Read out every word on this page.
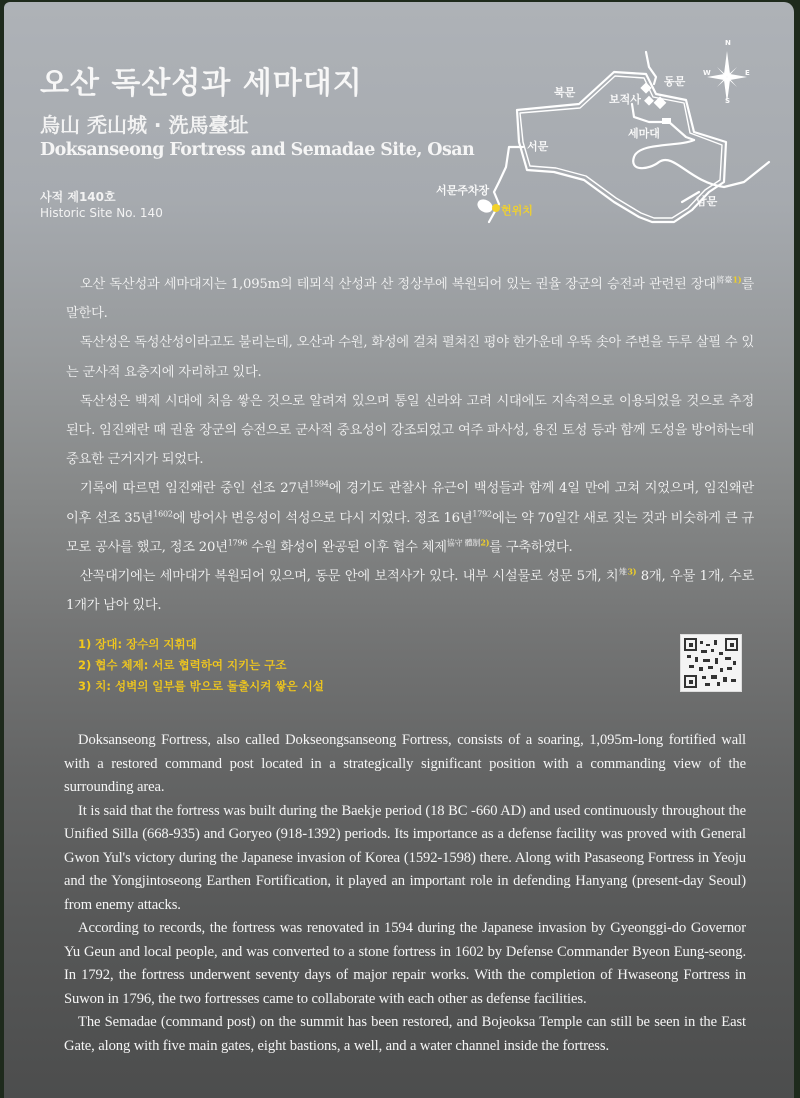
오산 독산성과 세마대지
烏山 禿山城 · 洗馬臺址
Doksanseong Fortress and Semadae Site, Osan
사적 제140호
Historic Site No. 140
N
S
E
W
북문
보적사
동문
세마대
서문
서문주차장
현위치
남문

오산 독산성과 세마대지는 1,095m의 테뫼식 산성과 산 정상부에 복원되어 있는 권율 장군의 승전과 관련된 장대$^{將臺1)}$를 말한다.

독산성은 독성산성이라고도 불리는데, 오산과 수원, 화성에 걸쳐 펼쳐진 평야 한가운데 우뚝 솟아 주변을 두루 살필 수 있는 군사적 요충지에 자리하고 있다.

독산성은 백제 시대에 처음 쌓은 것으로 알려져 있으며 통일 신라와 고려 시대에도 지속적으로 이용되었을 것으로 추정된다. 임진왜란 때 권율 장군의 승전으로 군사적 중요성이 강조되었고 여주 파사성, 용진 토성 등과 함께 도성을 방어하는데 중요한 근거지가 되었다.

기록에 따르면 임진왜란 중인 선조 27년$^{1594}$에 경기도 관찰사 유근이 백성들과 함께 4일 만에 고쳐 지었으며, 임진왜란 이후 선조 35년$^{1602}$에 방어사 변응성이 석성으로 다시 지었다. 정조 16년$^{1792}$에는 약 70일간 새로 짓는 것과 비슷하게 큰 규모로 공사를 했고, 정조 20년$^{1796}$ 수원 화성이 완공된 이후 협수 체제$^{協守 體制2)}$를 구축하였다.

산꼭대기에는 세마대가 복원되어 있으며, 동문 안에 보적사가 있다. 내부 시설물로 성문 5개, 치$^{雉3)}$ 8개, 우물 1개, 수로 1개가 남아 있다.

1) 장대: 장수의 지휘대
2) 협수 체제: 서로 협력하여 지키는 구조
3) 치: 성벽의 일부를 밖으로 돌출시켜 쌓은 시설

Doksanseong Fortress, also called Dokseongsanseong Fortress, consists of a soaring, 1,095m-long fortified wall with a restored command post located in a strategically significant position with a commanding view of the surrounding area.

It is said that the fortress was built during the Baekje period (18 BC -660 AD) and used continuously throughout the Unified Silla (668-935) and Goryeo (918-1392) periods. Its importance as a defense facility was proved with General Gwon Yul's victory during the Japanese invasion of Korea (1592-1598) there. Along with Pasaseong Fortress in Yeoju and the Yongjintoseong Earthen Fortification, it played an important role in defending Hanyang (present-day Seoul) from enemy attacks.

According to records, the fortress was renovated in 1594 during the Japanese invasion by Gyeonggi-do Governor Yu Geun and local people, and was converted to a stone fortress in 1602 by Defense Commander Byeon Eung-seong. In 1792, the fortress underwent seventy days of major repair works. With the completion of Hwaseong Fortress in Suwon in 1796, the two fortresses came to collaborate with each other as defense facilities.

The Semadae (command post) on the summit has been restored, and Bojeoksa Temple can still be seen in the East Gate, along with five main gates, eight bastions, a well, and a water channel inside the fortress.
